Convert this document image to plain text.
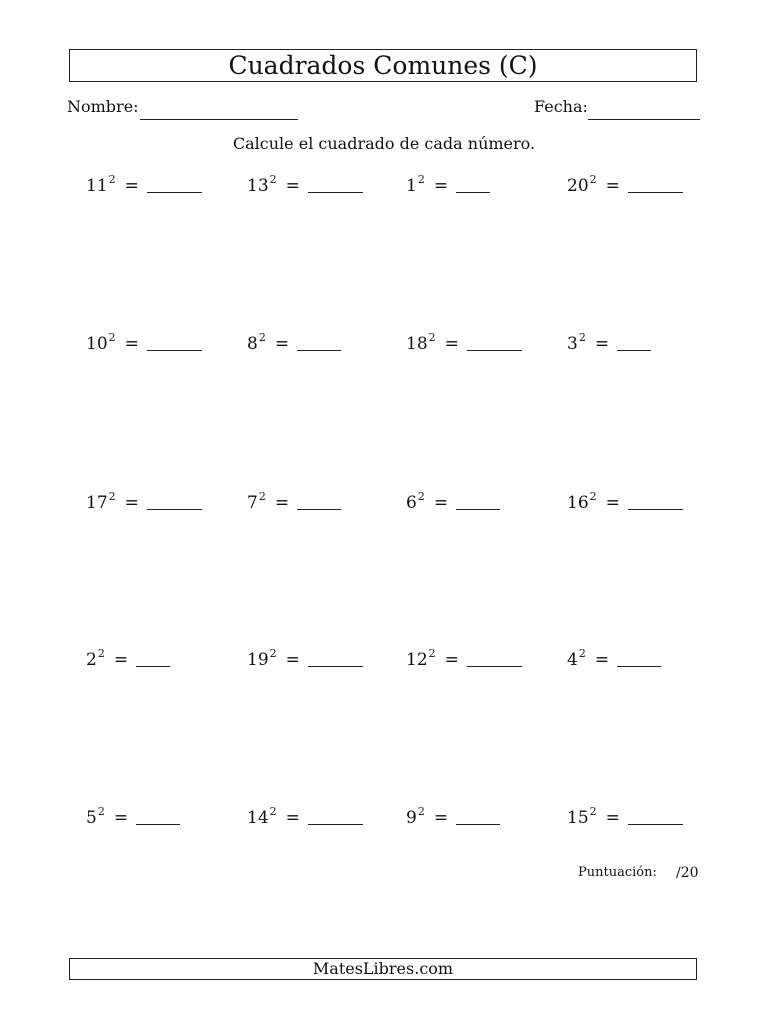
Cuadrados Comunes (C)
Nombre:	Fecha:
Calcule el cuadrado de cada número.
11 2 =	13 2 =	1 2 =	20 2 =
10 2 =	8 2 =	18 2 =	3 2 =
17 2 =	7 2 =	6 2 =	16 2 =
2 2 =	19 2 =	12 2 =	4 2 =
5 2 =	14 2 =	9 2 =	15 2 =
Puntuación: /20
MatesLibres.com
